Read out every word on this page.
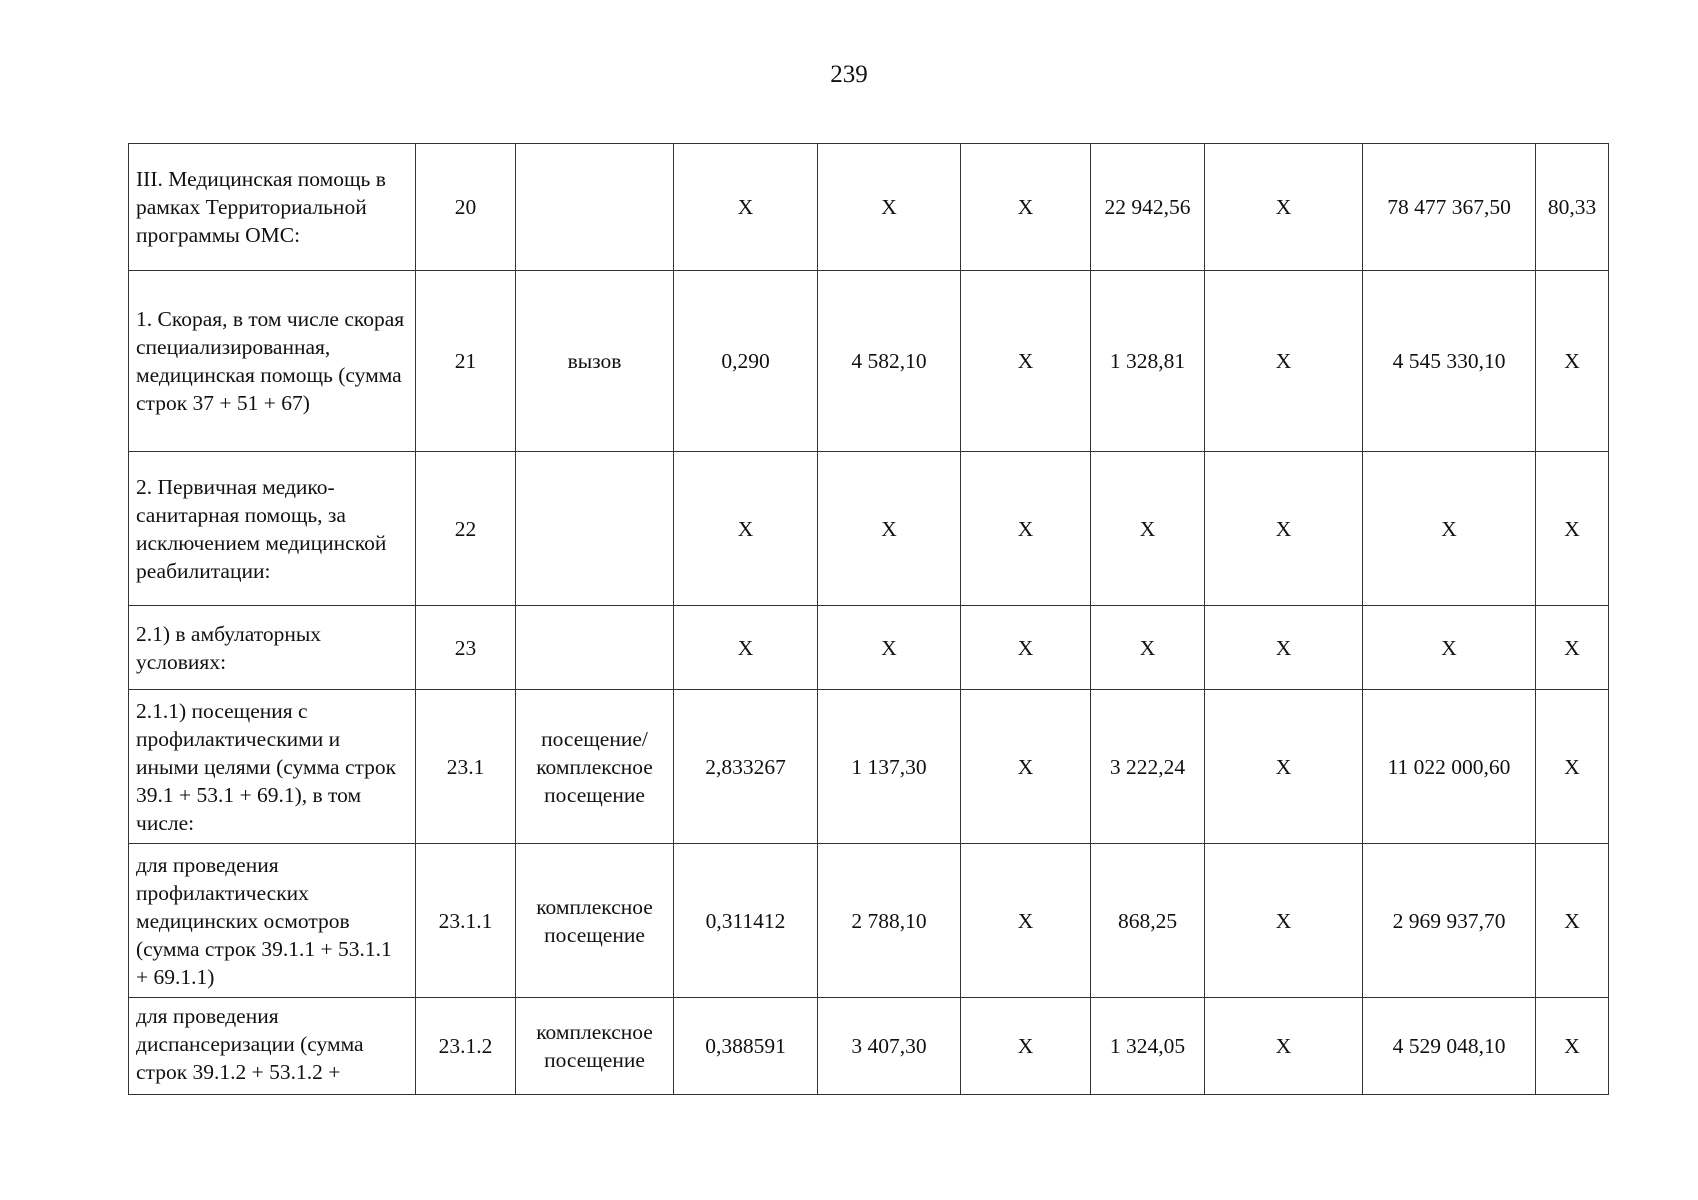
239
III. Медицинская помощь в рамках Территориальной программы ОМС:	20		X	X	X	22 942,56	X	78 477 367,50	80,33
1. Скорая, в том числе скорая специализированная, медицинская помощь (сумма строк 37 + 51 + 67)	21	вызов	0,290	4 582,10	X	1 328,81	X	4 545 330,10	X
2. Первичная медико-санитарная помощь, за исключением медицинской реабилитации:	22		X	X	X	X	X	X	X
2.1) в амбулаторных условиях:	23		X	X	X	X	X	X	X
2.1.1) посещения с профилактическими и иными целями (сумма строк 39.1 + 53.1 + 69.1), в том числе:	23.1	посещение/ комплексное посещение	2,833267	1 137,30	X	3 222,24	X	11 022 000,60	X
для проведения профилактических медицинских осмотров (сумма строк 39.1.1 + 53.1.1 + 69.1.1)	23.1.1	комплексное посещение	0,311412	2 788,10	X	868,25	X	2 969 937,70	X
для проведения диспансеризации (сумма строк 39.1.2 + 53.1.2 +	23.1.2	комплексное посещение	0,388591	3 407,30	X	1 324,05	X	4 529 048,10	X
